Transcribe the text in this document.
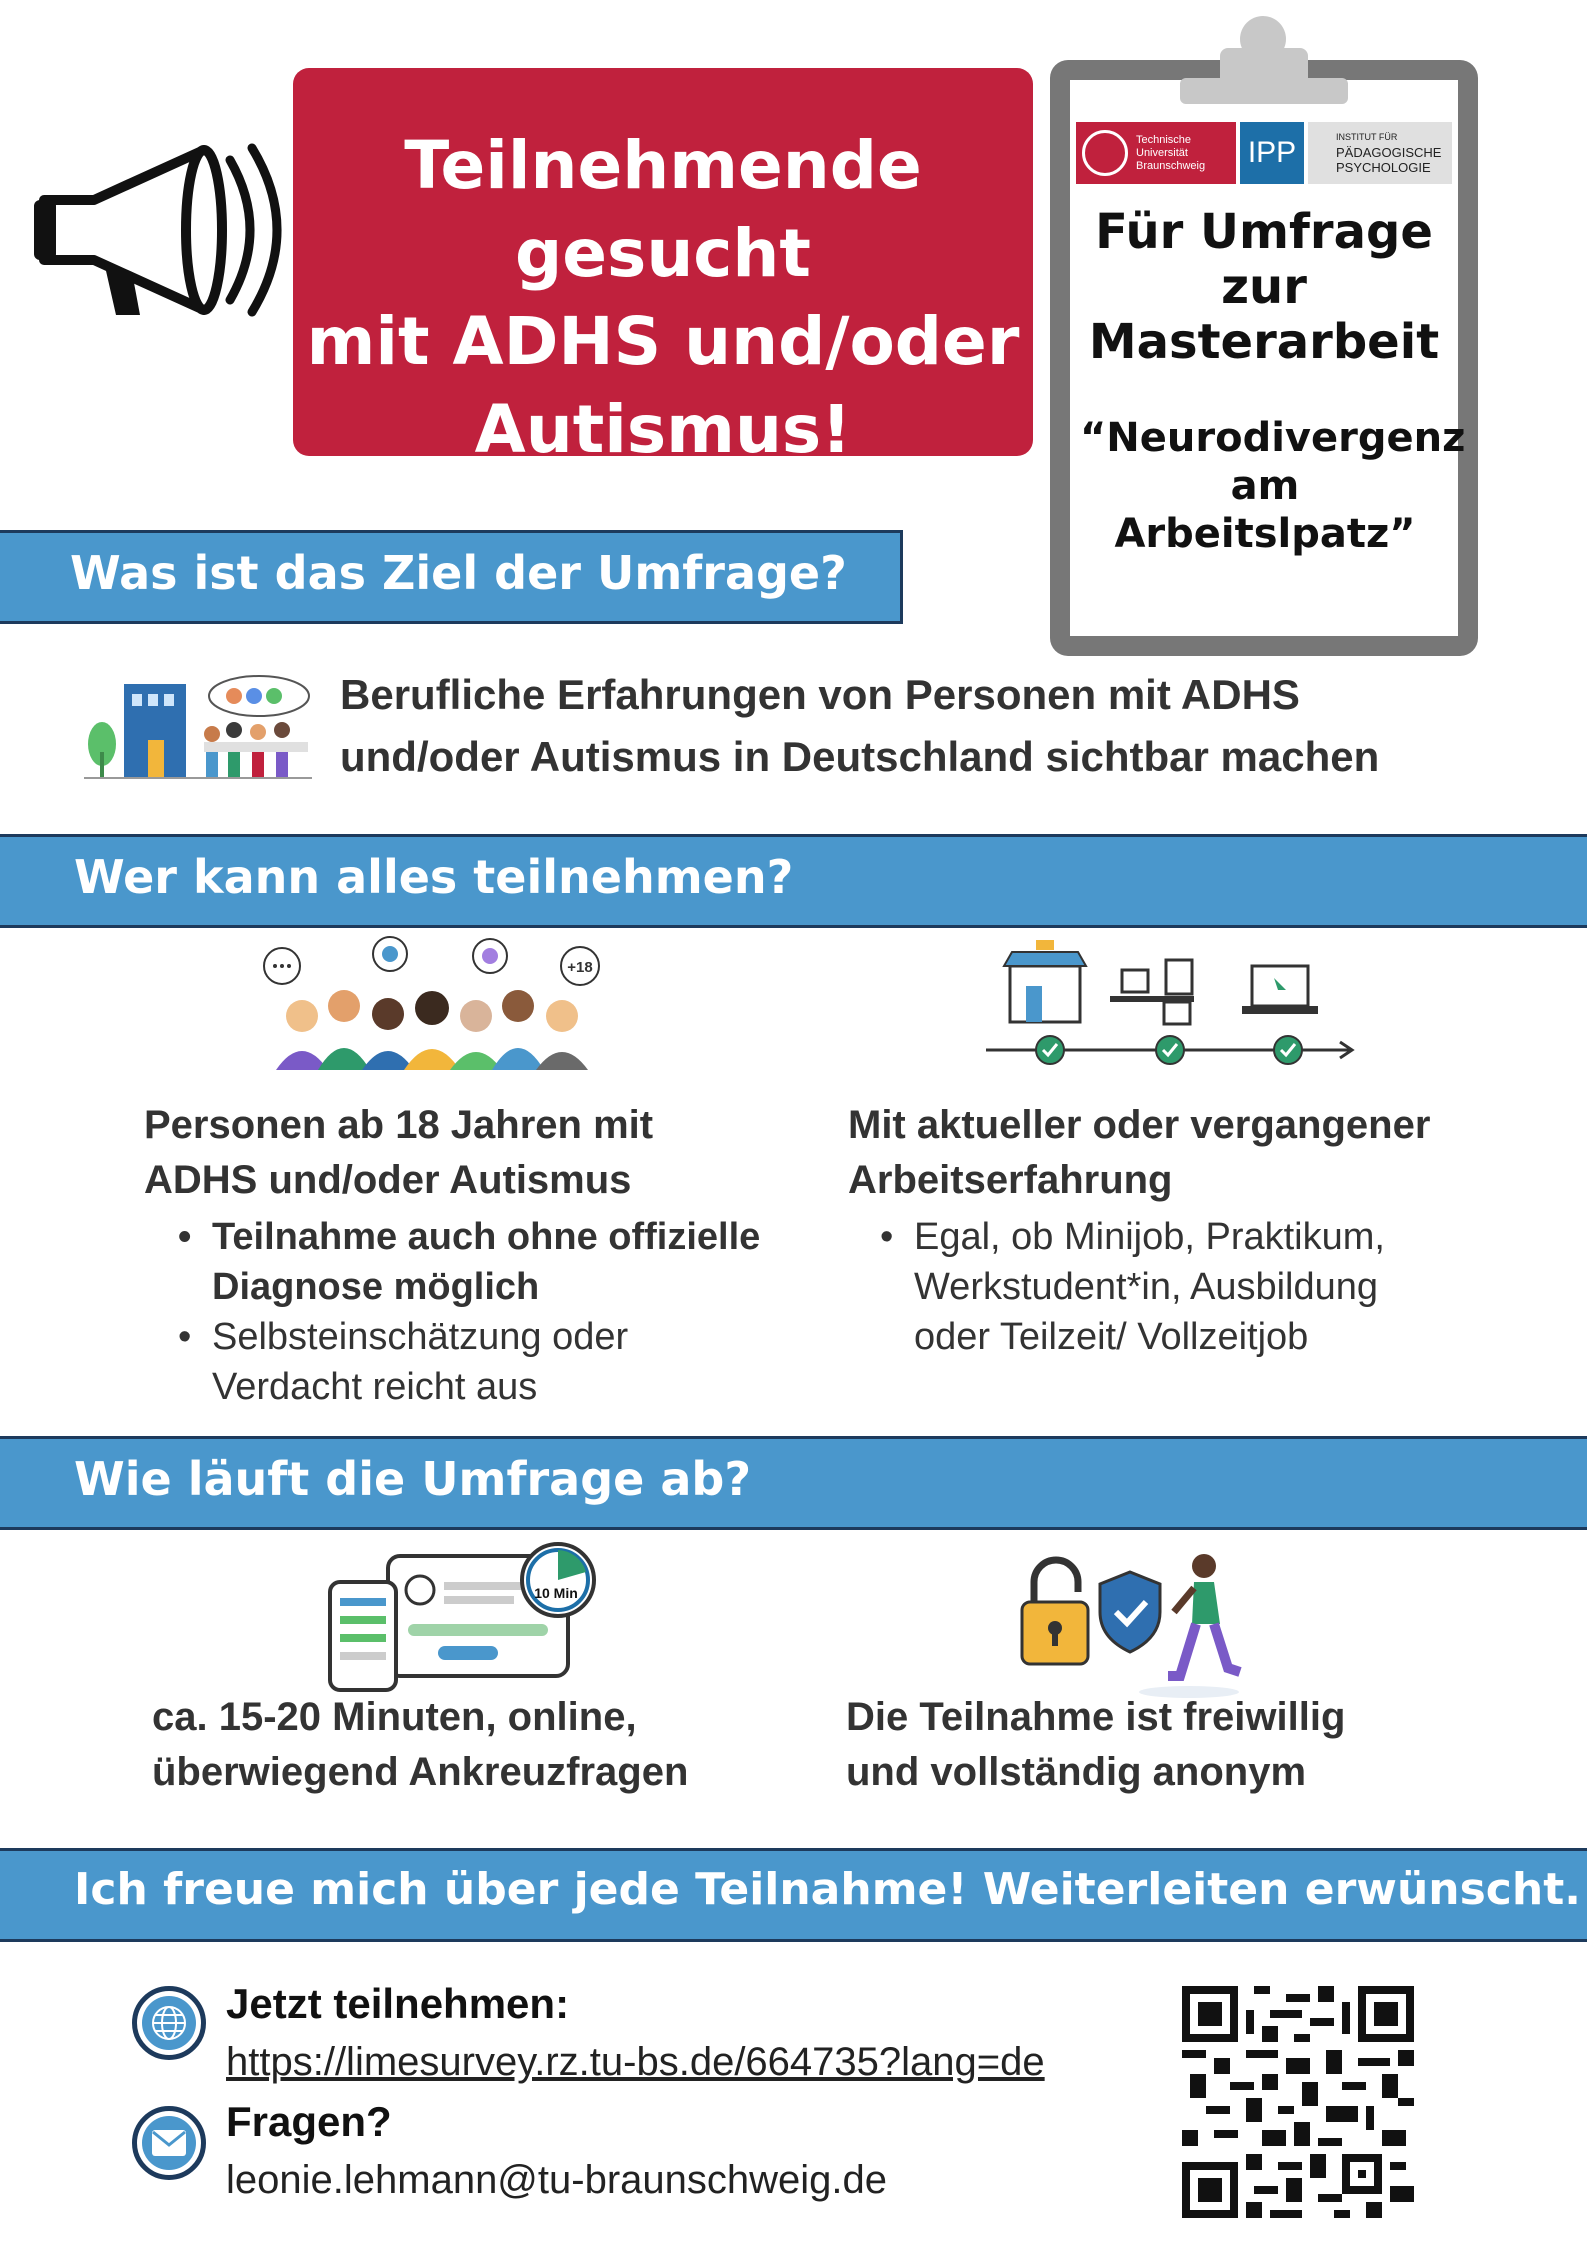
Teilnehmende gesucht
mit ADHS und/oder
Autismus!
Technische
Universität
Braunschweig IPP	INSTITUT FÜR
PÄDAGOGISCHE
PSYCHOLOGIE
Für Umfrage
zur
Masterarbeit
“Neurodivergenz
am Arbeitslpatz”
Was ist das Ziel der Umfrage?
Berufliche Erfahrungen von Personen mit ADHS
und/oder Autismus in Deutschland sichtbar machen
Wer kann alles teilnehmen?
+18
Personen ab 18 Jahren mit
ADHS und/oder Autismus
• Teilnahme auch ohne offizielle
Diagnose möglich
• Selbsteinschätzung oder
Verdacht reicht aus
Mit aktueller oder vergangener
Arbeitserfahrung
• Egal, ob Minijob, Praktikum,
Werkstudent*in, Ausbildung
oder Teilzeit/ Vollzeitjob
Wie läuft die Umfrage ab?
10 Min
ca. 15-20 Minuten, online,
überwiegend Ankreuzfragen
Die Teilnahme ist freiwillig
und vollständig anonym
Ich freue mich über jede Teilnahme! Weiterleiten erwünscht.
Jetzt teilnehmen:
https://limesurvey.rz.tu-bs.de/664735?lang=de
Fragen?
leonie.lehmann@tu-braunschweig.de
